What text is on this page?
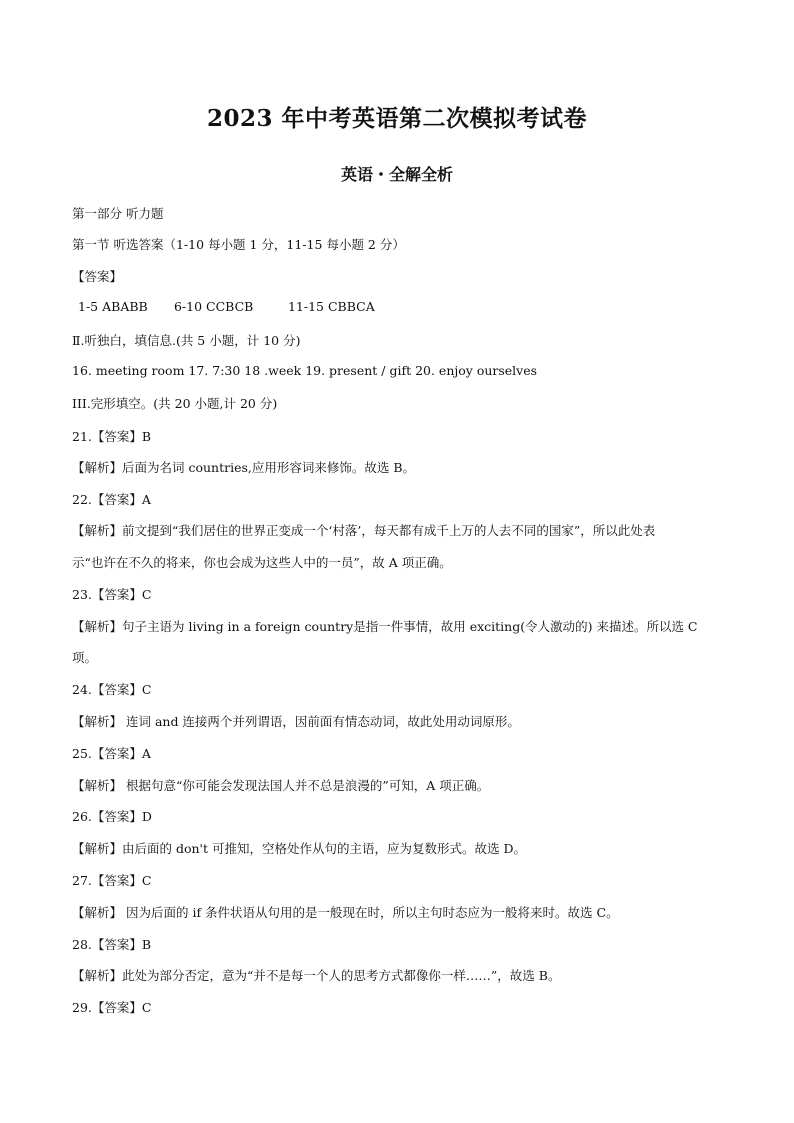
2023 年中考英语第二次模拟考试卷
英语・全解全析
第一部分 听力题
第一节 听选答案（1-10 每小题 1 分，11-15 每小题 2 分）
【答案】
1-5 ABABB 6-10 CCBCB	11-15 CBBCA
Ⅱ.听独白，填信息.(共 5 小题，计 10 分)
16. meeting room 17. 7:30 18 .week 19. present / gift 20. enjoy ourselves
III.完形填空。(共 20 小题,计 20 分)
21.【答案】B
【解析】后面为名词 countries,应用形容词来修饰。故选 B。
22.【答案】A
【解析】前文提到“我们居住的世界正变成一个‘村落’，每天都有成千上万的人去不同的国家”，所以此处表
示“也许在不久的将来，你也会成为这些人中的一员”，故 A 项正确。
23.【答案】C
【解析】句子主语为 living in a foreign country是指一件事情，故用 exciting(令人激动的) 来描述。所以选 C
项。
24.【答案】C
【解析】 连词 and 连接两个并列谓语，因前面有情态动词，故此处用动词原形。
25.【答案】A
【解析】 根据句意“你可能会发现法国人并不总是浪漫的”可知，A 项正确。
26.【答案】D
【解析】由后面的 don't 可推知，空格处作从句的主语，应为复数形式。故选 D。
27.【答案】C
【解析】 因为后面的 if 条件状语从句用的是一般现在时，所以主句时态应为一般将来时。故选 C。
28.【答案】B
【解析】此处为部分否定，意为“并不是每一个人的思考方式都像你一样……”，故选 B。
29.【答案】C
